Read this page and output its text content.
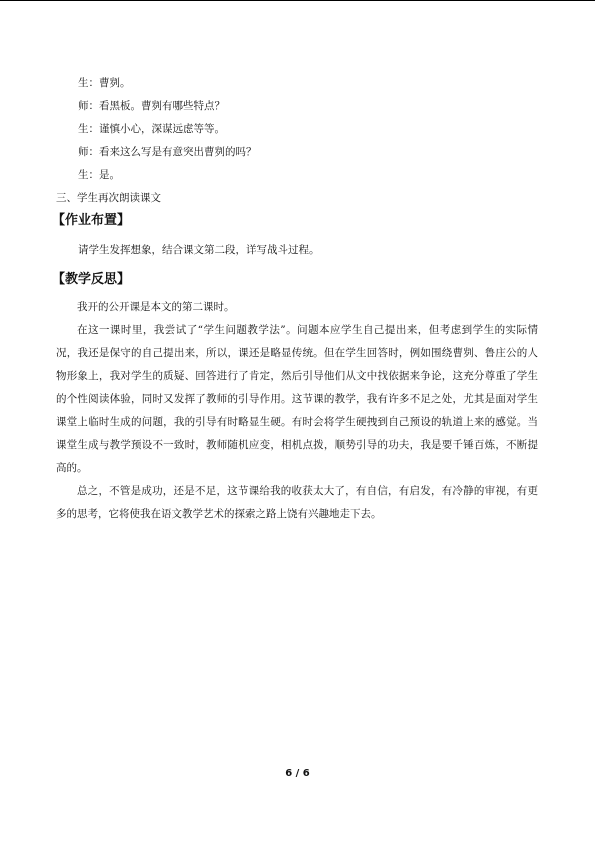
生：曹刿。
师：看黑板。曹刿有哪些特点？
生：谨慎小心，深谋远虑等等。
师：看来这么写是有意突出曹刿的吗？
生：是。
三、学生再次朗读课文
【作业布置】
请学生发挥想象，结合课文第二段，详写战斗过程。
【教学反思】

我开的公开课是本文的第二课时。

在这一课时里，我尝试了“学生问题教学法”。问题本应学生自己提出来，但考虑到学生的实际情况，我还是保守的自己提出来，所以，课还是略显传统。但在学生回答时，例如围绕曹刿、鲁庄公的人物形象上，我对学生的质疑、回答进行了肯定，然后引导他们从文中找依据来争论，这充分尊重了学生的个性阅读体验，同时又发挥了教师的引导作用。这节课的教学，我有许多不足之处，尤其是面对学生课堂上临时生成的问题，我的引导有时略显生硬。有时会将学生硬拽到自己预设的轨道上来的感觉。当课堂生成与教学预设不一致时，教师随机应变，相机点拨，顺势引导的功夫，我是要千锤百炼，不断提高的。

总之，不管是成功，还是不足，这节课给我的收获太大了，有自信，有启发，有冷静的审视，有更多的思考，它将使我在语文教学艺术的探索之路上饶有兴趣地走下去。

6 / 6
